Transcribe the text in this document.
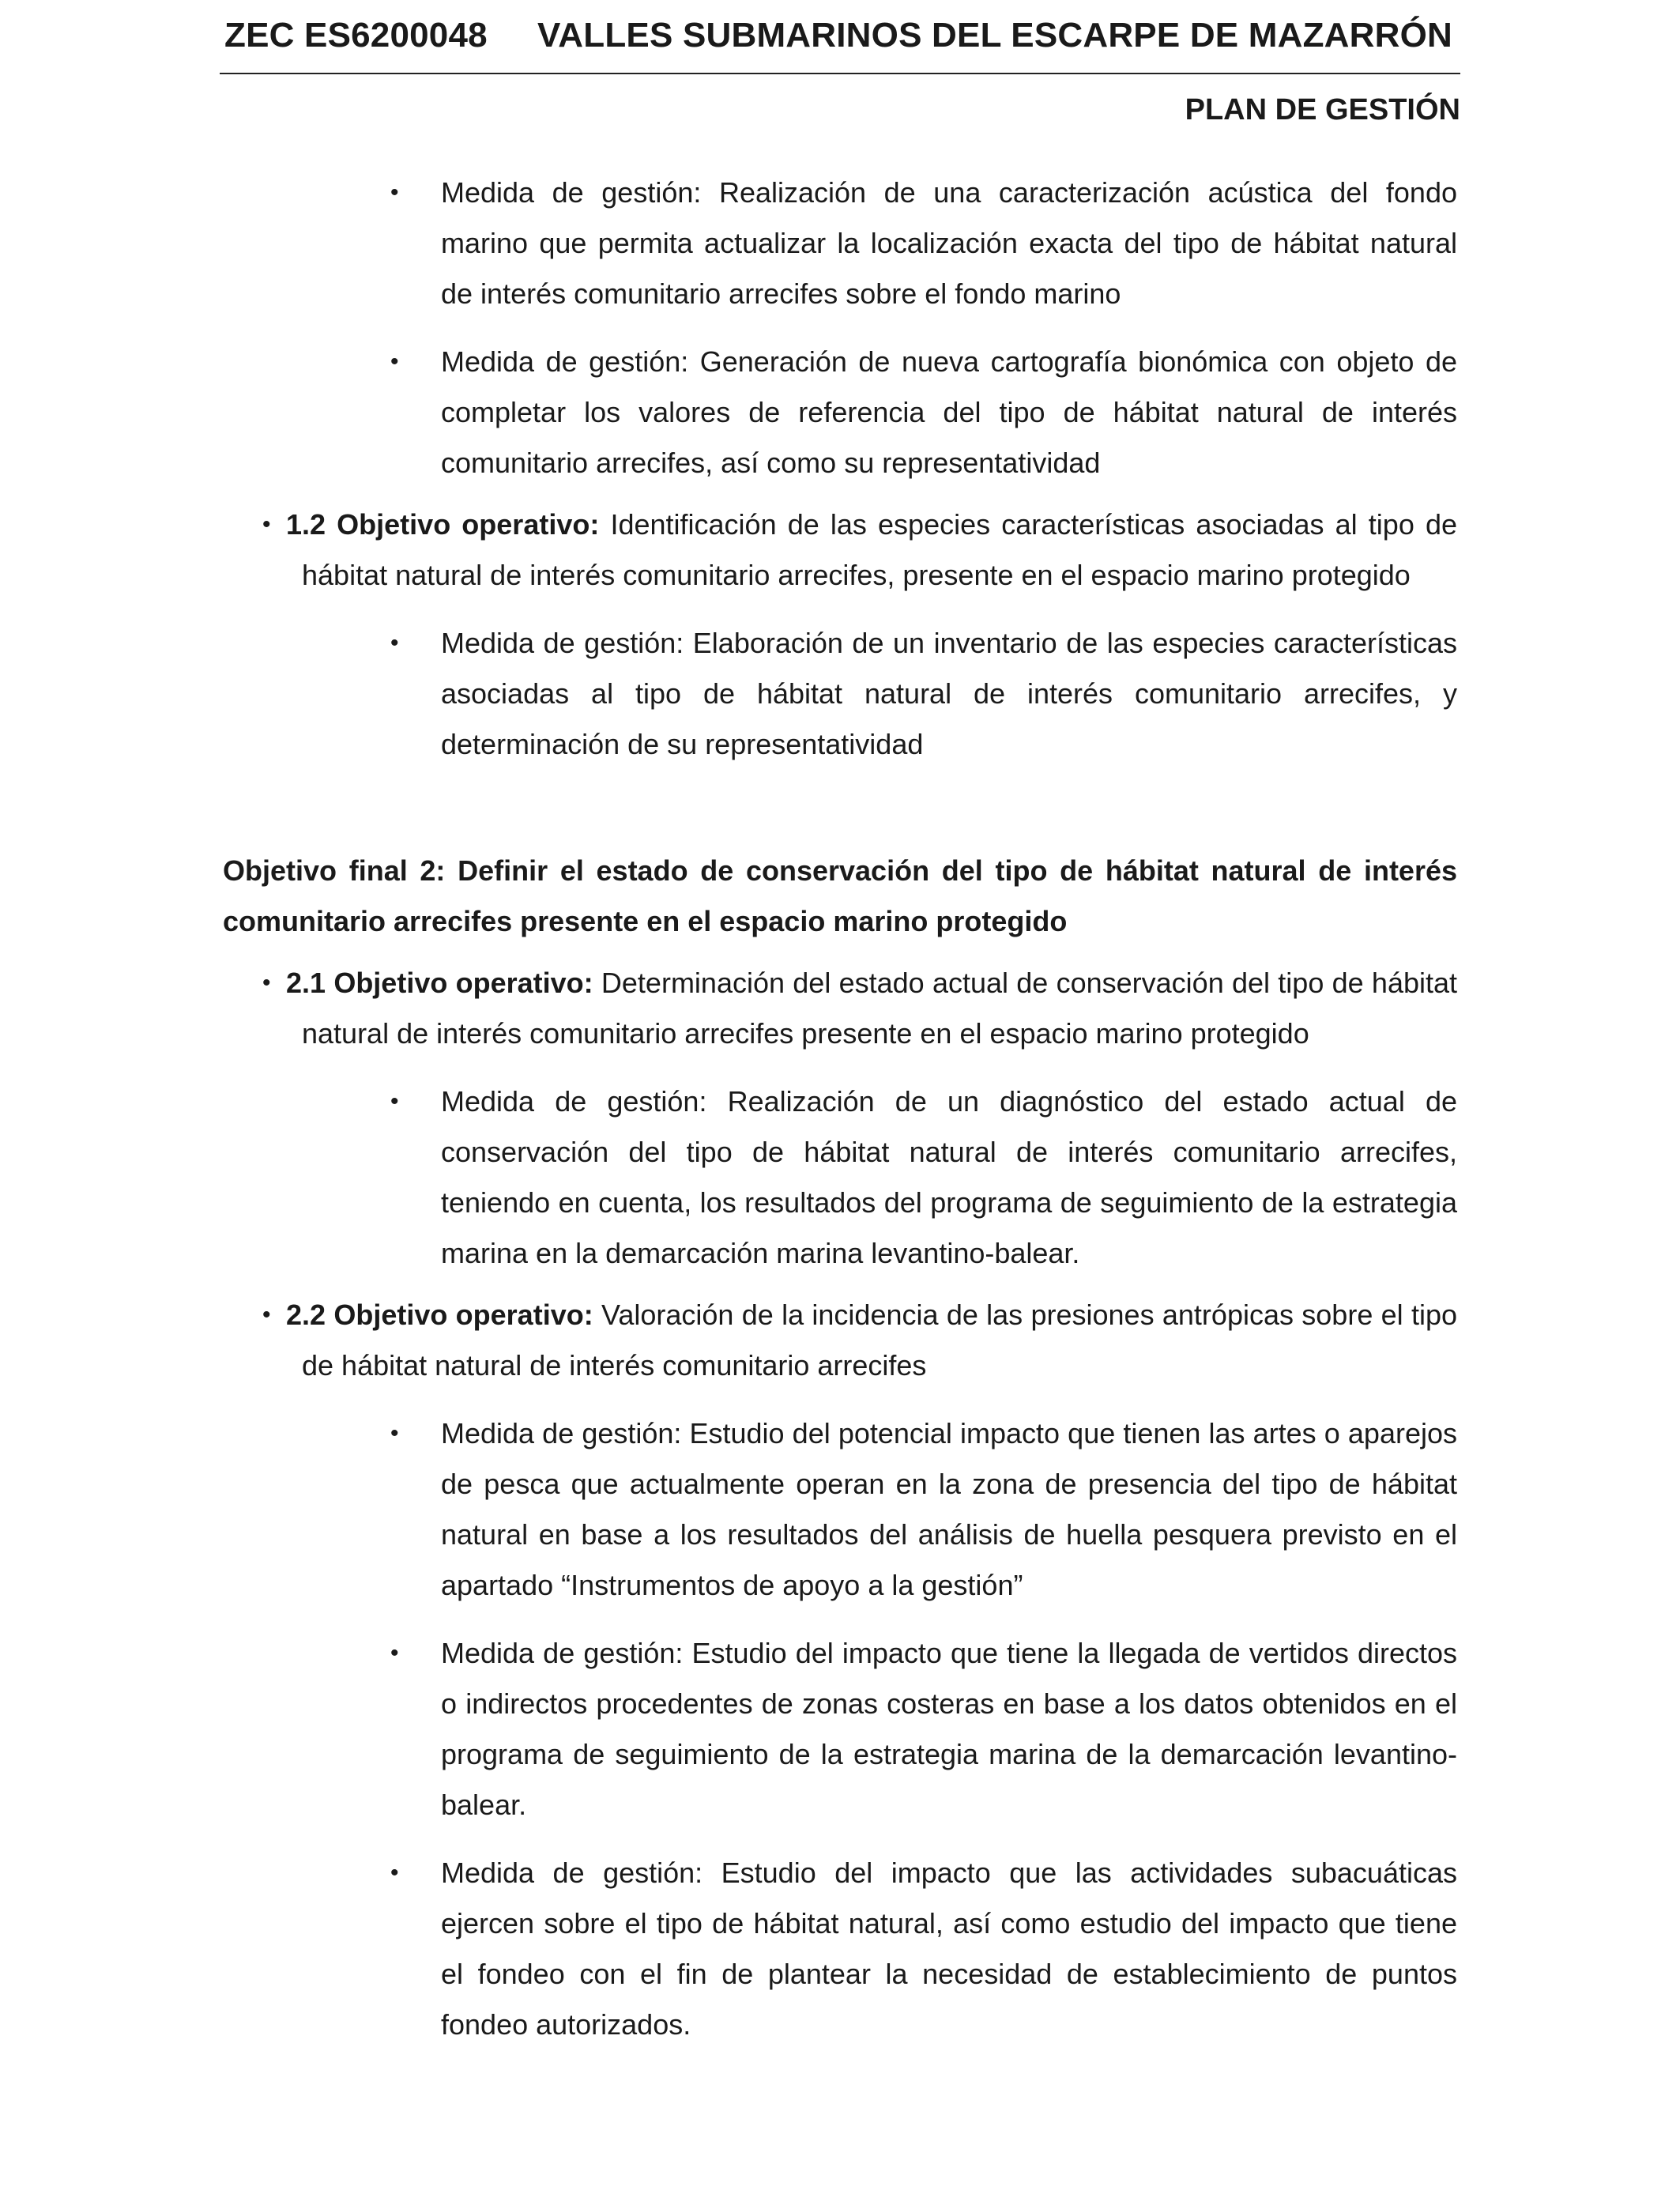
ZEC ES6200048 VALLES SUBMARINOS DEL ESCARPE DE MAZARRÓN
PLAN DE GESTIÓN
• Medida de gestión: Realización de una caracterización acústica del fondo marino que permita actualizar la localización exacta del tipo de hábitat natural de interés comunitario arrecifes sobre el fondo marino
• Medida de gestión: Generación de nueva cartografía bionómica con objeto de completar los valores de referencia del tipo de hábitat natural de interés comunitario arrecifes, así como su representatividad
• 1.2 Objetivo operativo: Identificación de las especies características asociadas al tipo de hábitat natural de interés comunitario arrecifes, presente en el espacio marino protegido
• Medida de gestión: Elaboración de un inventario de las especies características asociadas al tipo de hábitat natural de interés comunitario arrecifes, y determinación de su representatividad
Objetivo final 2: Definir el estado de conservación del tipo de hábitat natural de interés comunitario arrecifes presente en el espacio marino protegido
• 2.1 Objetivo operativo: Determinación del estado actual de conservación del tipo de hábitat natural de interés comunitario arrecifes presente en el espacio marino protegido
• Medida de gestión: Realización de un diagnóstico del estado actual de conservación del tipo de hábitat natural de interés comunitario arrecifes, teniendo en cuenta, los resultados del programa de seguimiento de la estrategia marina en la demarcación marina levantino-balear.
• 2.2 Objetivo operativo: Valoración de la incidencia de las presiones antrópicas sobre el tipo de hábitat natural de interés comunitario arrecifes
• Medida de gestión: Estudio del potencial impacto que tienen las artes o aparejos de pesca que actualmente operan en la zona de presencia del tipo de hábitat natural en base a los resultados del análisis de huella pesquera previsto en el apartado “Instrumentos de apoyo a la gestión”
• Medida de gestión: Estudio del impacto que tiene la llegada de vertidos directos o indirectos procedentes de zonas costeras en base a los datos obtenidos en el programa de seguimiento de la estrategia marina de la demarcación levantino-balear.
• Medida de gestión: Estudio del impacto que las actividades subacuáticas ejercen sobre el tipo de hábitat natural, así como estudio del impacto que tiene el fondeo con el fin de plantear la necesidad de establecimiento de puntos fondeo autorizados.
